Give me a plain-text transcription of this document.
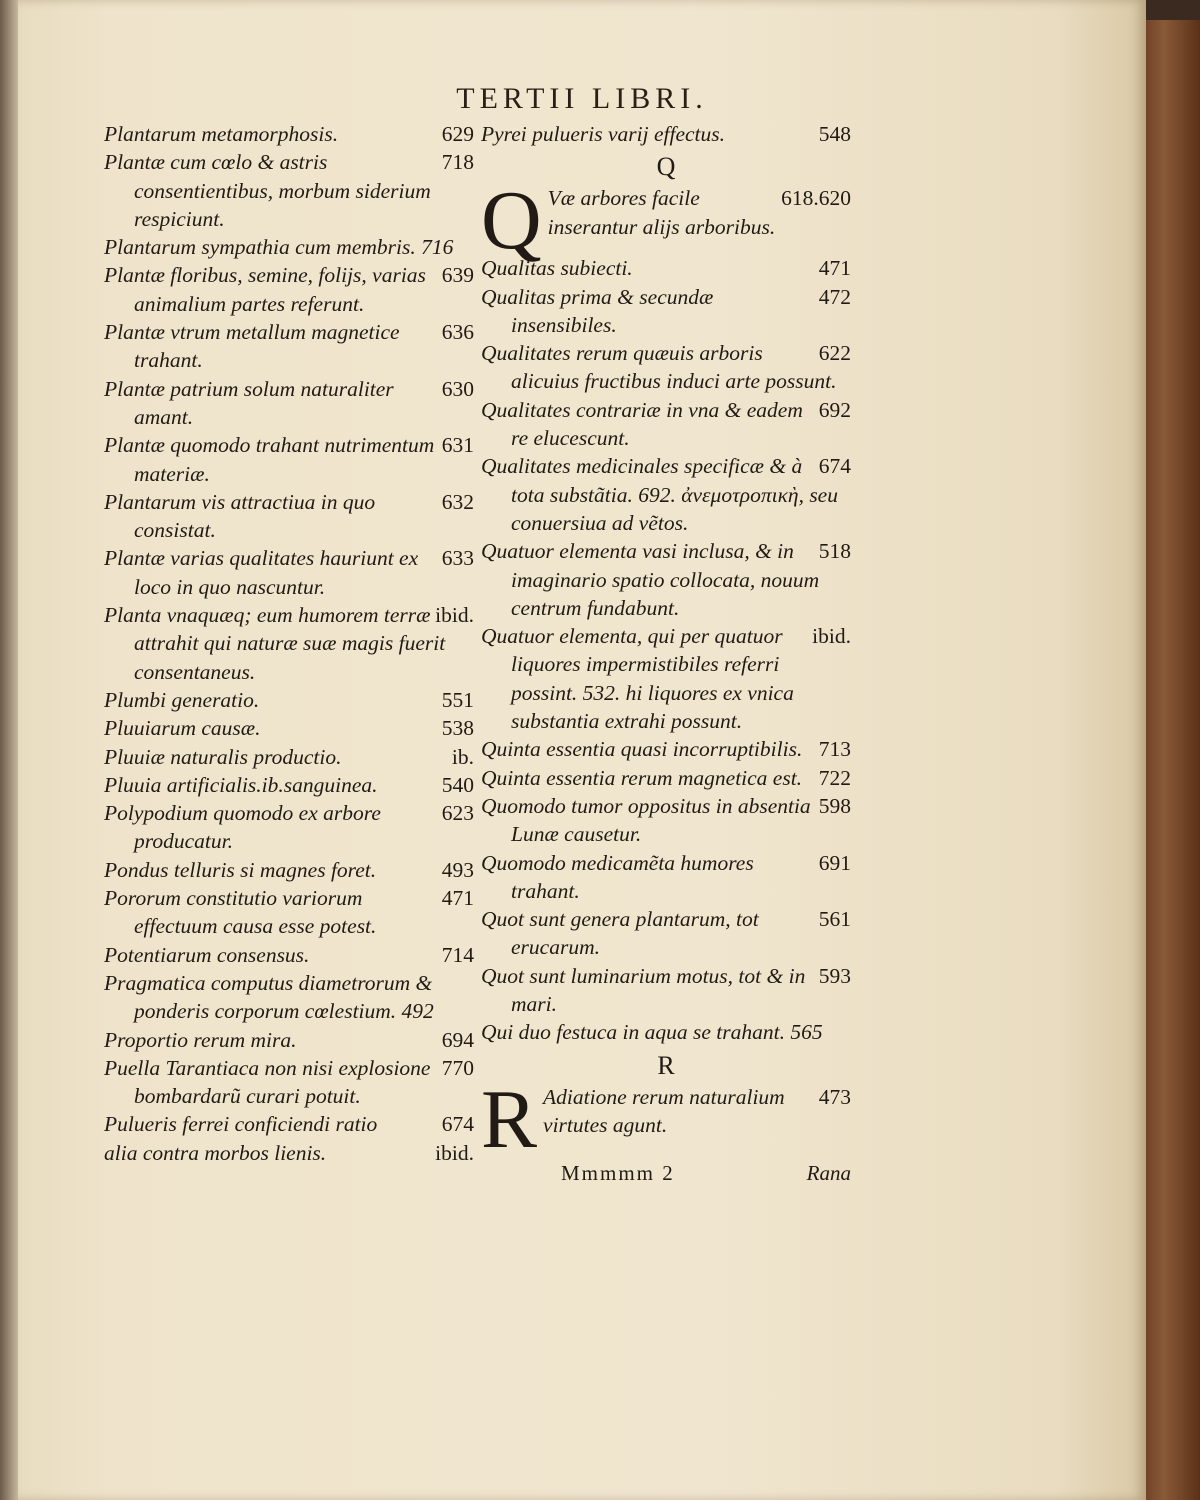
TERTII LIBRI.
629
Plantarum metamorphosis.
718
Plantæ cum cœlo & astris consentientibus, morbum siderium respiciunt.
Plantarum sympathia cum membris. 716
639
Plantæ floribus, semine, folijs, varias animalium partes referunt.
636
Plantæ vtrum metallum magnetice trahant.
630
Plantæ patrium solum naturaliter amant.
631
Plantæ quomodo trahant nutrimentum materiæ.
632
Plantarum vis attractiua in quo consistat.
633
Plantæ varias qualitates hauriunt ex loco in quo nascuntur.
ibid.
Planta vnaquæq; eum humorem terræ attrahit qui naturæ suæ magis fuerit consentaneus.
551
Plumbi generatio.
538
Pluuiarum causæ.
ib.
Pluuiæ naturalis productio.
540
Pluuia artificialis.ib.sanguinea.
623
Polypodium quomodo ex arbore producatur.
493
Pondus telluris si magnes foret.
471
Pororum constitutio variorum effectuum causa esse potest.
714
Potentiarum consensus.
Pragmatica computus diametrorum & ponderis corporum cœlestium. 492
694
Proportio rerum mira.
770
Puella Tarantiaca non nisi explosione bombardarũ curari potuit.
674
Pulueris ferrei conficiendi ratio
ibid.
alia contra morbos lienis.
548
Pyrei pulueris varij effectus.
Q
Q	618.620
Væ arbores facile inserantur alijs arboribus.
471
Qualitas subiecti.
472
Qualitas prima & secundæ insensibiles.
622
Qualitates rerum quæuis arboris alicuius fructibus induci arte possunt.
692
Qualitates contrariæ in vna & eadem re elucescunt.
674
Qualitates medicinales specificæ & à tota substãtia. 692. ἀνεμοτροπικὴ, seu conuersiua ad vẽtos.
518
Quatuor elementa vasi inclusa, & in imaginario spatio collocata, nouum centrum fundabunt.
ibid.
Quatuor elementa, qui per quatuor liquores impermistibiles referri possint. 532. hi liquores ex vnica substantia extrahi possunt.
713
Quinta essentia quasi incorruptibilis.
722
Quinta essentia rerum magnetica est.
598
Quomodo tumor oppositus in absentia Lunæ causetur.
691
Quomodo medicamẽta humores trahant.
561
Quot sunt genera plantarum, tot erucarum.
593
Quot sunt luminarium motus, tot & in mari.
Qui duo festuca in aqua se trahant. 565
R
R	473
Adiatione rerum naturalium virtutes agunt.
Rana
Mmmmm 2
